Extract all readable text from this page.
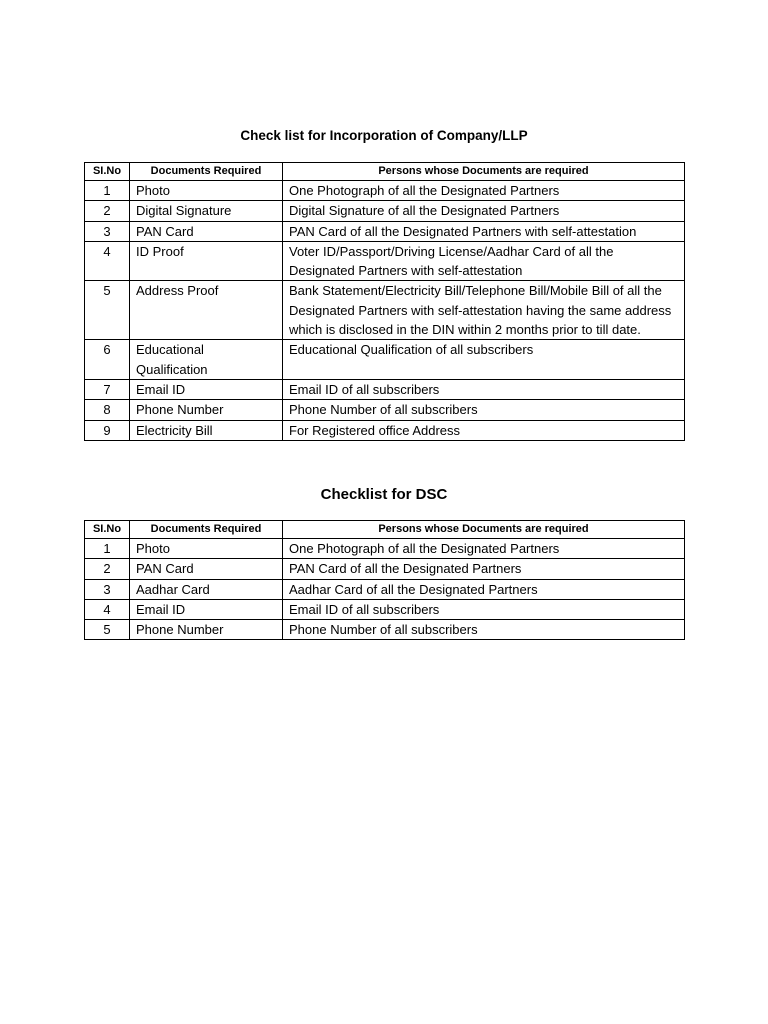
Check list for Incorporation of Company/LLP
SI.No	Documents Required	Persons whose Documents are required
1	Photo	One Photograph of all the Designated Partners
2	Digital Signature	Digital Signature of all the Designated Partners
3	PAN Card	PAN Card of all the Designated Partners with self-attestation
4	ID Proof	Voter ID/Passport/Driving License/Aadhar Card of all the Designated Partners with self-attestation
5	Address Proof	Bank Statement/Electricity Bill/Telephone Bill/Mobile Bill of all the Designated Partners with self-attestation having the same address which is disclosed in the DIN within 2 months prior to till date.
6	Educational Qualification	Educational Qualification of all subscribers
7	Email ID	Email ID of all subscribers
8	Phone Number	Phone Number of all subscribers
9	Electricity Bill	For Registered office Address
Checklist for DSC
SI.No	Documents Required	Persons whose Documents are required
1	Photo	One Photograph of all the Designated Partners
2	PAN Card	PAN Card of all the Designated Partners
3	Aadhar Card	Aadhar Card of all the Designated Partners
4	Email ID	Email ID of all subscribers
5	Phone Number	Phone Number of all subscribers
